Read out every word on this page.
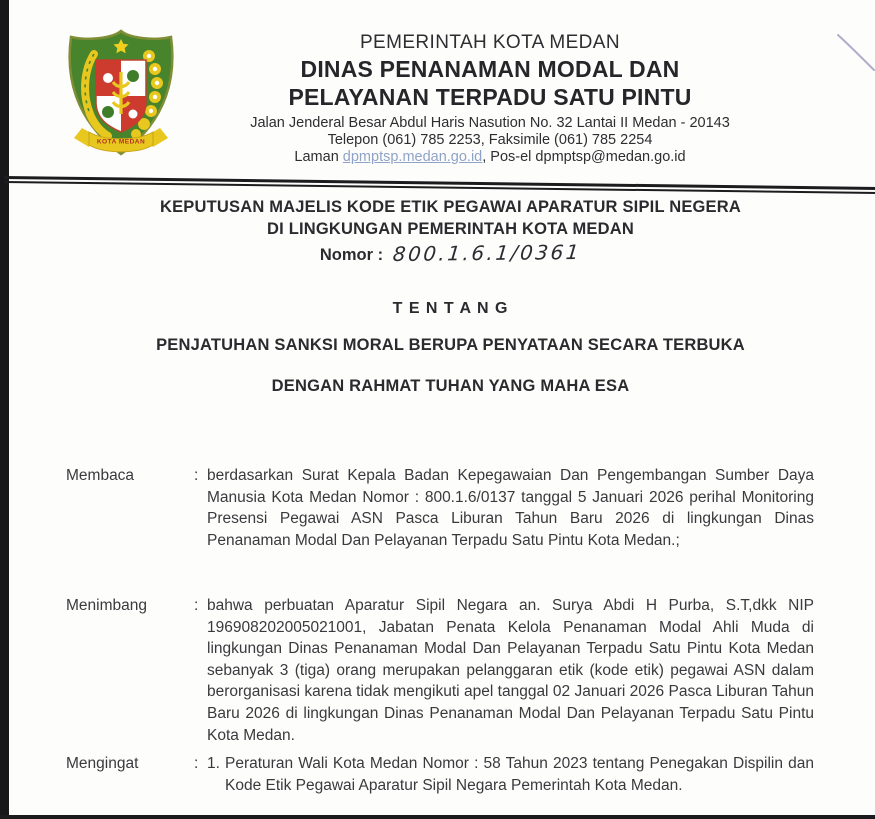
KOTA MEDAN
PEMERINTAH KOTA MEDAN
DINAS PENANAMAN MODAL DAN
PELAYANAN TERPADU SATU PINTU
Jalan Jenderal Besar Abdul Haris Nasution No. 32 Lantai II Medan - 20143
Telepon (061) 785 2253, Faksimile (061) 785 2254
Laman dpmptsp.medan.go.id, Pos-el dpmptsp@medan.go.id
KEPUTUSAN MAJELIS KODE ETIK PEGAWAI APARATUR SIPIL NEGERA
DI LINGKUNGAN PEMERINTAH KOTA MEDAN
Nomor : 800.1.6.1/0361
T E N T A N G
PENJATUHAN SANKSI MORAL BERUPA PENYATAAN SECARA TERBUKA
DENGAN RAHMAT TUHAN YANG MAHA ESA
Membaca	: berdasarkan Surat Kepala Badan Kepegawaian Dan Pengembangan Sumber Daya Manusia Kota Medan Nomor : 800.1.6/0137 tanggal 5 Januari 2026 perihal Monitoring Presensi Pegawai ASN Pasca Liburan Tahun Baru 2026 di lingkungan Dinas Penanaman Modal Dan Pelayanan Terpadu Satu Pintu Kota Medan.;
Menimbang	: bahwa perbuatan Aparatur Sipil Negara an. Surya Abdi H Purba, S.T,dkk NIP 196908202005021001, Jabatan Penata Kelola Penanaman Modal Ahli Muda di lingkungan Dinas Penanaman Modal Dan Pelayanan Terpadu Satu Pintu Kota Medan sebanyak 3 (tiga) orang merupakan pelanggaran etik (kode etik) pegawai ASN dalam berorganisasi karena tidak mengikuti apel tanggal 02 Januari 2026 Pasca Liburan Tahun Baru 2026 di lingkungan Dinas Penanaman Modal Dan Pelayanan Terpadu Satu Pintu Kota Medan.
Mengingat	: 1. Peraturan Wali Kota Medan Nomor : 58 Tahun 2023 tentang Penegakan Dispilin dan Kode Etik Pegawai Aparatur Sipil Negara Pemerintah Kota Medan.
